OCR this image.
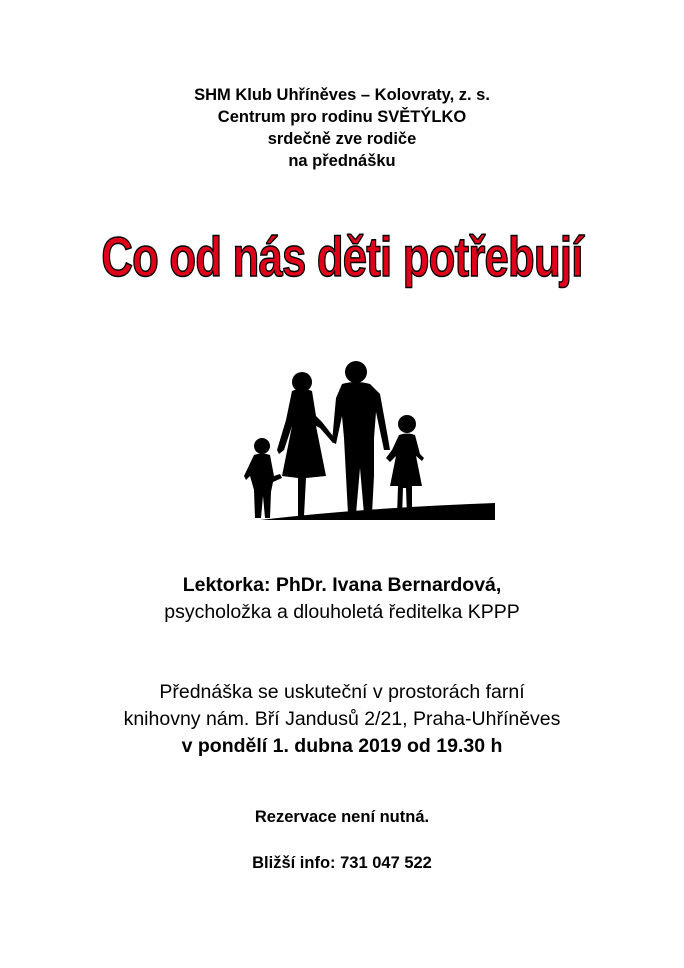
SHM Klub Uhříněves – Kolovraty, z. s.
Centrum pro rodinu SVĚTÝLKO
srdečně zve rodiče
na přednášku
Co od nás děti potřebují
Lektorka: PhDr. Ivana Bernardová,
psycholožka a dlouholetá ředitelka KPPP
Přednáška se uskuteční v prostorách farní
knihovny nám. Bří Jandusů 2/21, Praha-Uhříněves
v pondělí 1. dubna 2019 od 19.30 h
Rezervace není nutná.
Bližší info: 731 047 522
